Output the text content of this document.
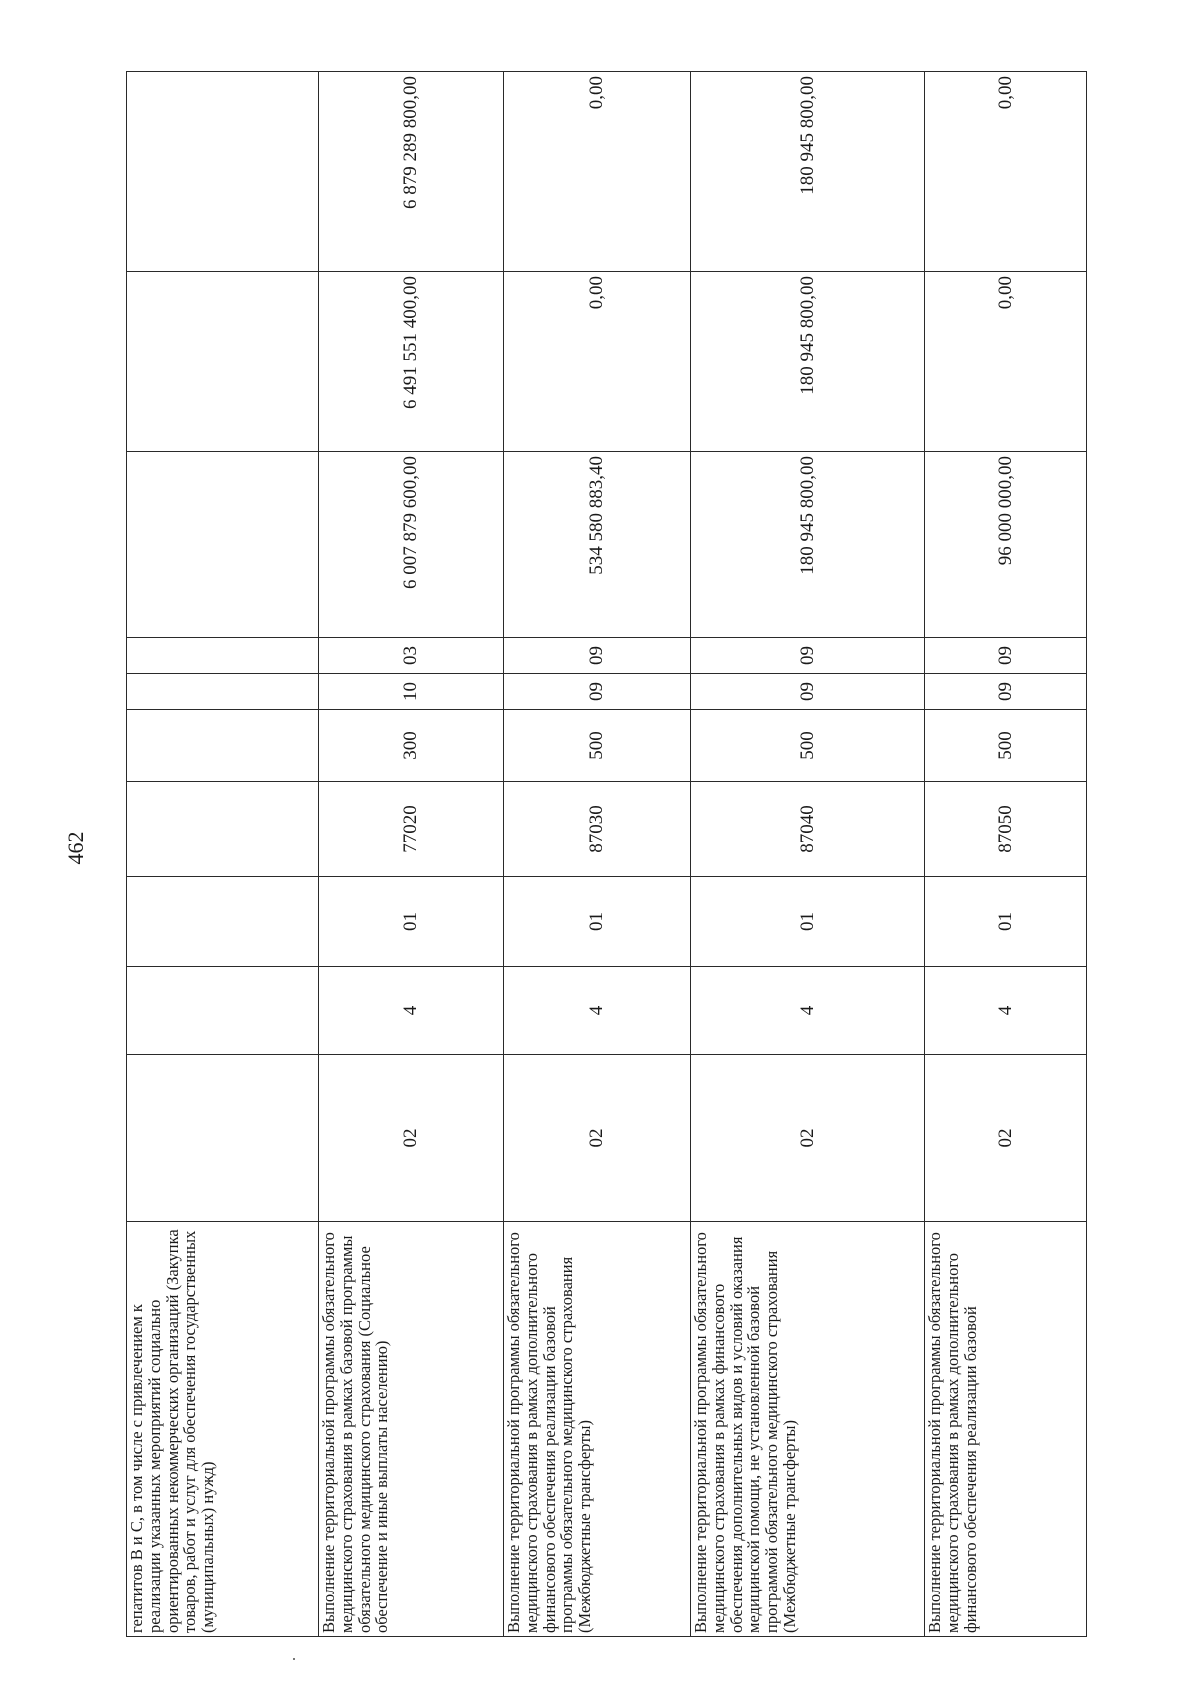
462
гепатитов В и С, в том числе с привлечением к реализации указанных мероприятий социально ориентированных некоммерческих организаций (Закупка товаров, работ и услуг для обеспечения государственных (муниципальных) нужд)										
Выполнение территориальной программы обязательного медицинского страхования в рамках базовой программы обязательного медицинского страхования (Социальное обеспечение и иные выплаты населению)	02	4	01	77020	300	10	03	6 007 879 600,00	6 491 551 400,00	6 879 289 800,00
Выполнение территориальной программы обязательного медицинского страхования в рамках дополнительного финансового обеспечения реализации базовой программы обязательного медицинского страхования (Межбюджетные трансферты)	02	4	01	87030	500	09	09	534 580 883,40	0,00	0,00
Выполнение территориальной программы обязательного медицинского страхования в рамках финансового обеспечения дополнительных видов и условий оказания медицинской помощи, не установленной базовой программой обязательного медицинского страхования (Межбюджетные трансферты)	02	4	01	87040	500	09	09	180 945 800,00	180 945 800,00	180 945 800,00
Выполнение территориальной программы обязательного медицинского страхования в рамках дополнительного финансового обеспечения реализации базовой	02	4	01	87050	500	09	09	96 000 000,00	0,00	0,00
